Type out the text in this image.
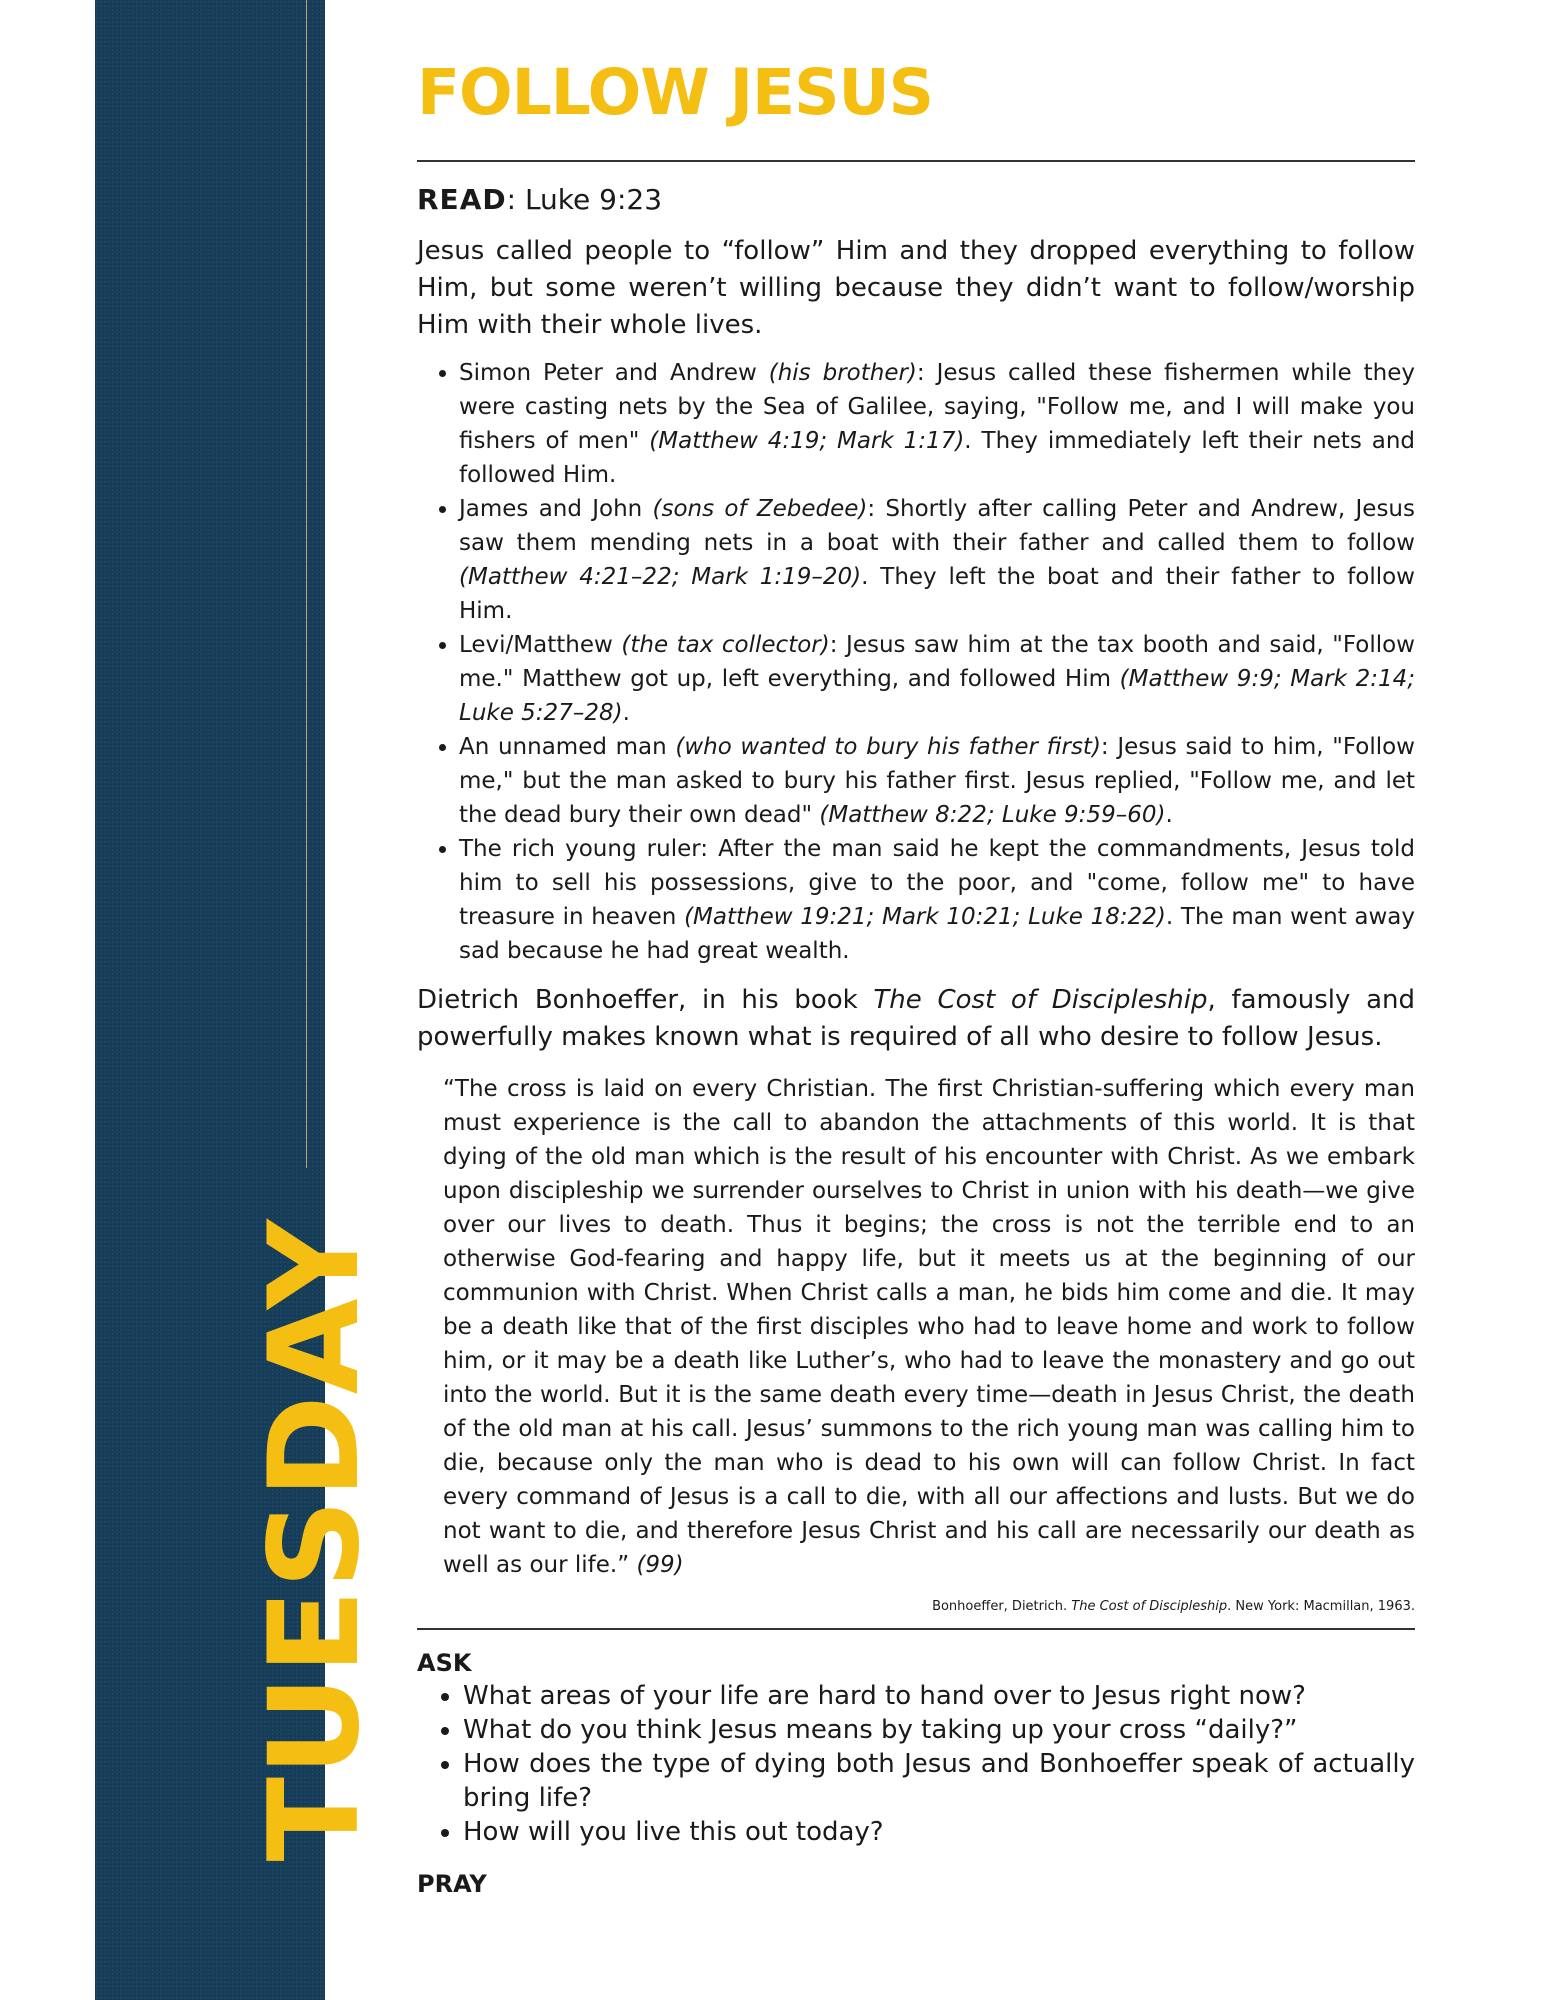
TUESDAY
FOLLOW JESUS

READ: Luke 9:23

Jesus called people to “follow” Him and they dropped everything to follow Him, but some weren’t willing because they didn’t want to follow/worship Him with their whole lives.

• Simon Peter and Andrew (his brother): Jesus called these fishermen while they were casting nets by the Sea of Galilee, saying, "Follow me, and I will make you fishers of men" (Matthew 4:19; Mark 1:17). They immediately left their nets and followed Him.
• James and John (sons of Zebedee): Shortly after calling Peter and Andrew, Jesus saw them mending nets in a boat with their father and called them to follow (Matthew 4:21–22; Mark 1:19–20). They left the boat and their father to follow Him.
• Levi/Matthew (the tax collector): Jesus saw him at the tax booth and said, "Follow me." Matthew got up, left everything, and followed Him (Matthew 9:9; Mark 2:14; Luke 5:27–28).
• An unnamed man (who wanted to bury his father first): Jesus said to him, "Follow me," but the man asked to bury his father first. Jesus replied, "Follow me, and let the dead bury their own dead" (Matthew 8:22; Luke 9:59–60).
• The rich young ruler: After the man said he kept the commandments, Jesus told him to sell his possessions, give to the poor, and "come, follow me" to have treasure in heaven (Matthew 19:21; Mark 10:21; Luke 18:22). The man went away sad because he had great wealth.

Dietrich Bonhoeffer, in his book The Cost of Discipleship, famously and powerfully makes known what is required of all who desire to follow Jesus.

“The cross is laid on every Christian. The first Christian-suffering which every man must experience is the call to abandon the attachments of this world. It is that dying of the old man which is the result of his encounter with Christ. As we embark upon discipleship we surrender ourselves to Christ in union with his death—we give over our lives to death. Thus it begins; the cross is not the terrible end to an otherwise God-fearing and happy life, but it meets us at the beginning of our communion with Christ. When Christ calls a man, he bids him come and die. It may be a death like that of the first disciples who had to leave home and work to follow him, or it may be a death like Luther’s, who had to leave the monastery and go out into the world. But it is the same death every time—death in Jesus Christ, the death of the old man at his call. Jesus’ summons to the rich young man was calling him to die, because only the man who is dead to his own will can follow Christ. In fact every command of Jesus is a call to die, with all our affections and lusts. But we do not want to die, and therefore Jesus Christ and his call are necessarily our death as well as our life.” (99)

Bonhoeffer, Dietrich. The Cost of Discipleship. New York: Macmillan, 1963.

ASK

• What areas of your life are hard to hand over to Jesus right now?
• What do you think Jesus means by taking up your cross “daily?”
• How does the type of dying both Jesus and Bonhoeffer speak of actually bring life?
• How will you live this out today?

PRAY
